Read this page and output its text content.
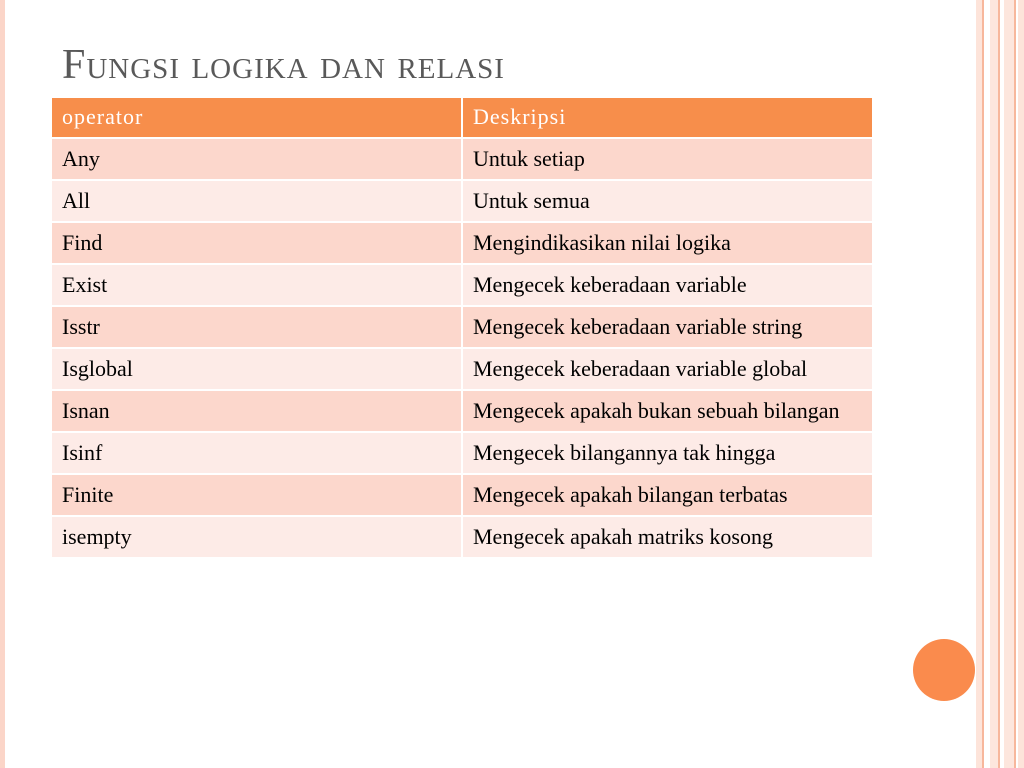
Fungsi logika dan relasi
operator	Deskripsi
Any	Untuk setiap
All	Untuk semua
Find	Mengindikasikan nilai logika
Exist	Mengecek keberadaan variable
Isstr	Mengecek keberadaan variable string
Isglobal	Mengecek keberadaan variable global
Isnan	Mengecek apakah bukan sebuah bilangan
Isinf	Mengecek bilangannya tak hingga
Finite	Mengecek apakah bilangan terbatas
isempty	Mengecek apakah matriks kosong
